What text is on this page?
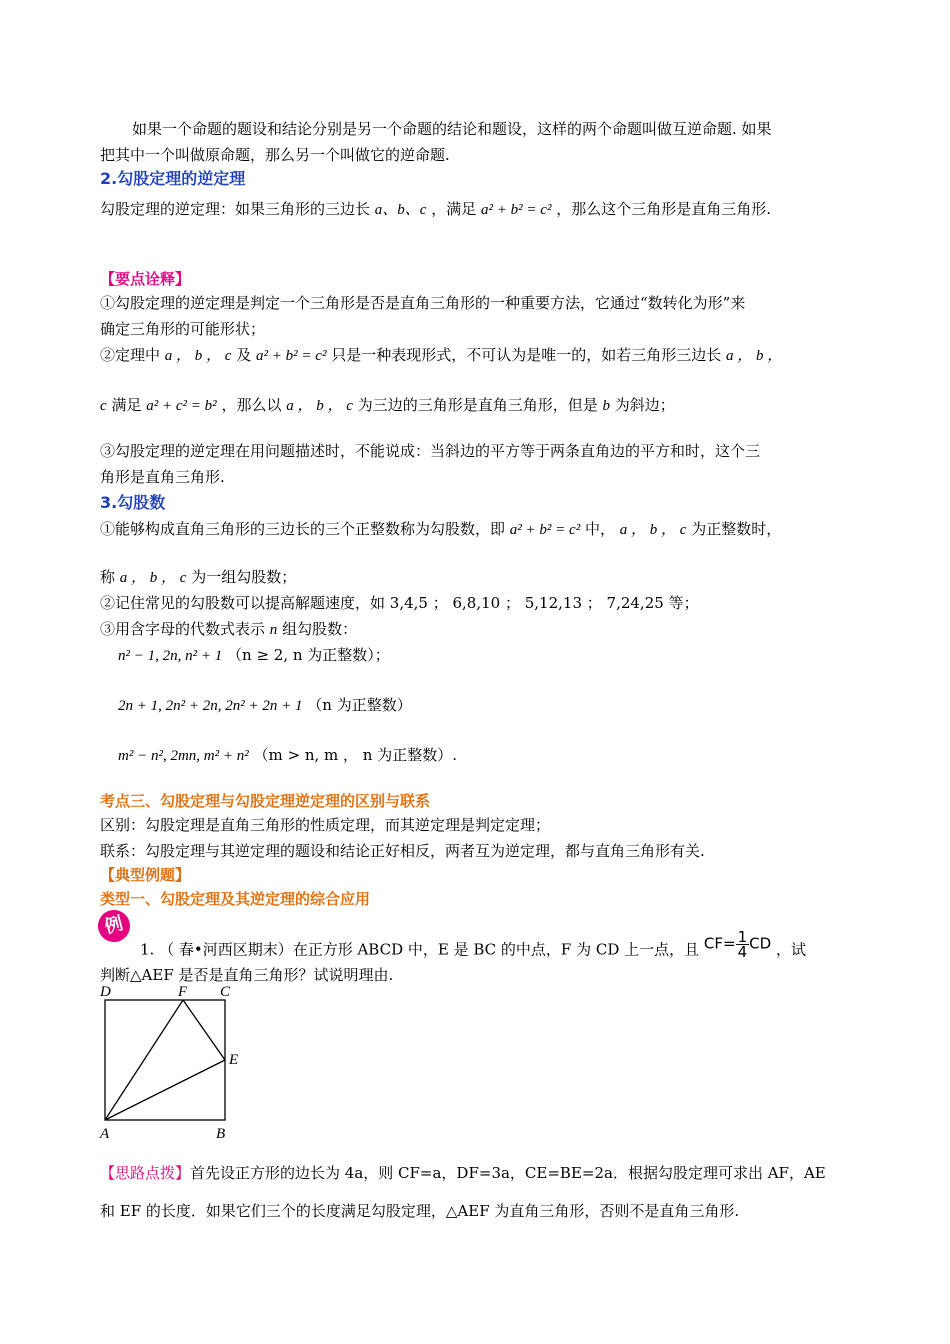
如果一个命题的题设和结论分别是另一个命题的结论和题设，这样的两个命题叫做互逆命题. 如果
把其中一个叫做原命题，那么另一个叫做它的逆命题.
2.勾股定理的逆定理
勾股定理的逆定理：如果三角形的三边长 a、b、c ，满足 a² + b² = c² ，那么这个三角形是直角三角形.
【要点诠释】
①勾股定理的逆定理是判定一个三角形是否是直角三角形的一种重要方法，它通过“数转化为形”来
确定三角形的可能形状；
②定理中 a ， b ， c 及 a² + b² = c² 只是一种表现形式，不可认为是唯一的，如若三角形三边长 a ， b ，
c 满足 a² + c² = b² ，那么以 a ， b ， c 为三边的三角形是直角三角形，但是 b 为斜边；
③勾股定理的逆定理在用问题描述时，不能说成：当斜边的平方等于两条直角边的平方和时，这个三
角形是直角三角形.
3.勾股数
①能够构成直角三角形的三边长的三个正整数称为勾股数，即 a² + b² = c² 中， a ， b ， c 为正整数时，
称 a ， b ， c 为一组勾股数；
②记住常见的勾股数可以提高解题速度，如 3,4,5 ； 6,8,10 ； 5,12,13 ； 7,24,25 等；
③用含字母的代数式表示 n 组勾股数：
n² − 1, 2n, n² + 1 （n ≥ 2, n 为正整数）；
2n + 1, 2n² + 2n, 2n² + 2n + 1 （n 为正整数）
m² − n², 2mn, m² + n² （m > n, m ， n 为正整数）.
考点三、勾股定理与勾股定理逆定理的区别与联系
区别：勾股定理是直角三角形的性质定理，而其逆定理是判定定理；
联系：勾股定理与其逆定理的题设和结论正好相反，两者互为逆定理，都与直角三角形有关.
【典型例题】
类型一、勾股定理及其逆定理的综合应用
例
1. （ 春•河西区期末）在正方形 ABCD 中，E 是 BC 的中点，F 为 CD 上一点，且 $CF= \frac{1}{4}$ CD ，试
判断△AEF 是否是直角三角形？试说明理由.
D	F C
E
A	B
【思路点拨】首先设正方形的边长为 4a，则 CF=a，DF=3a，CE=BE=2a．根据勾股定理可求出 AF，AE
和 EF 的长度．如果它们三个的长度满足勾股定理，△AEF 为直角三角形，否则不是直角三角形.
